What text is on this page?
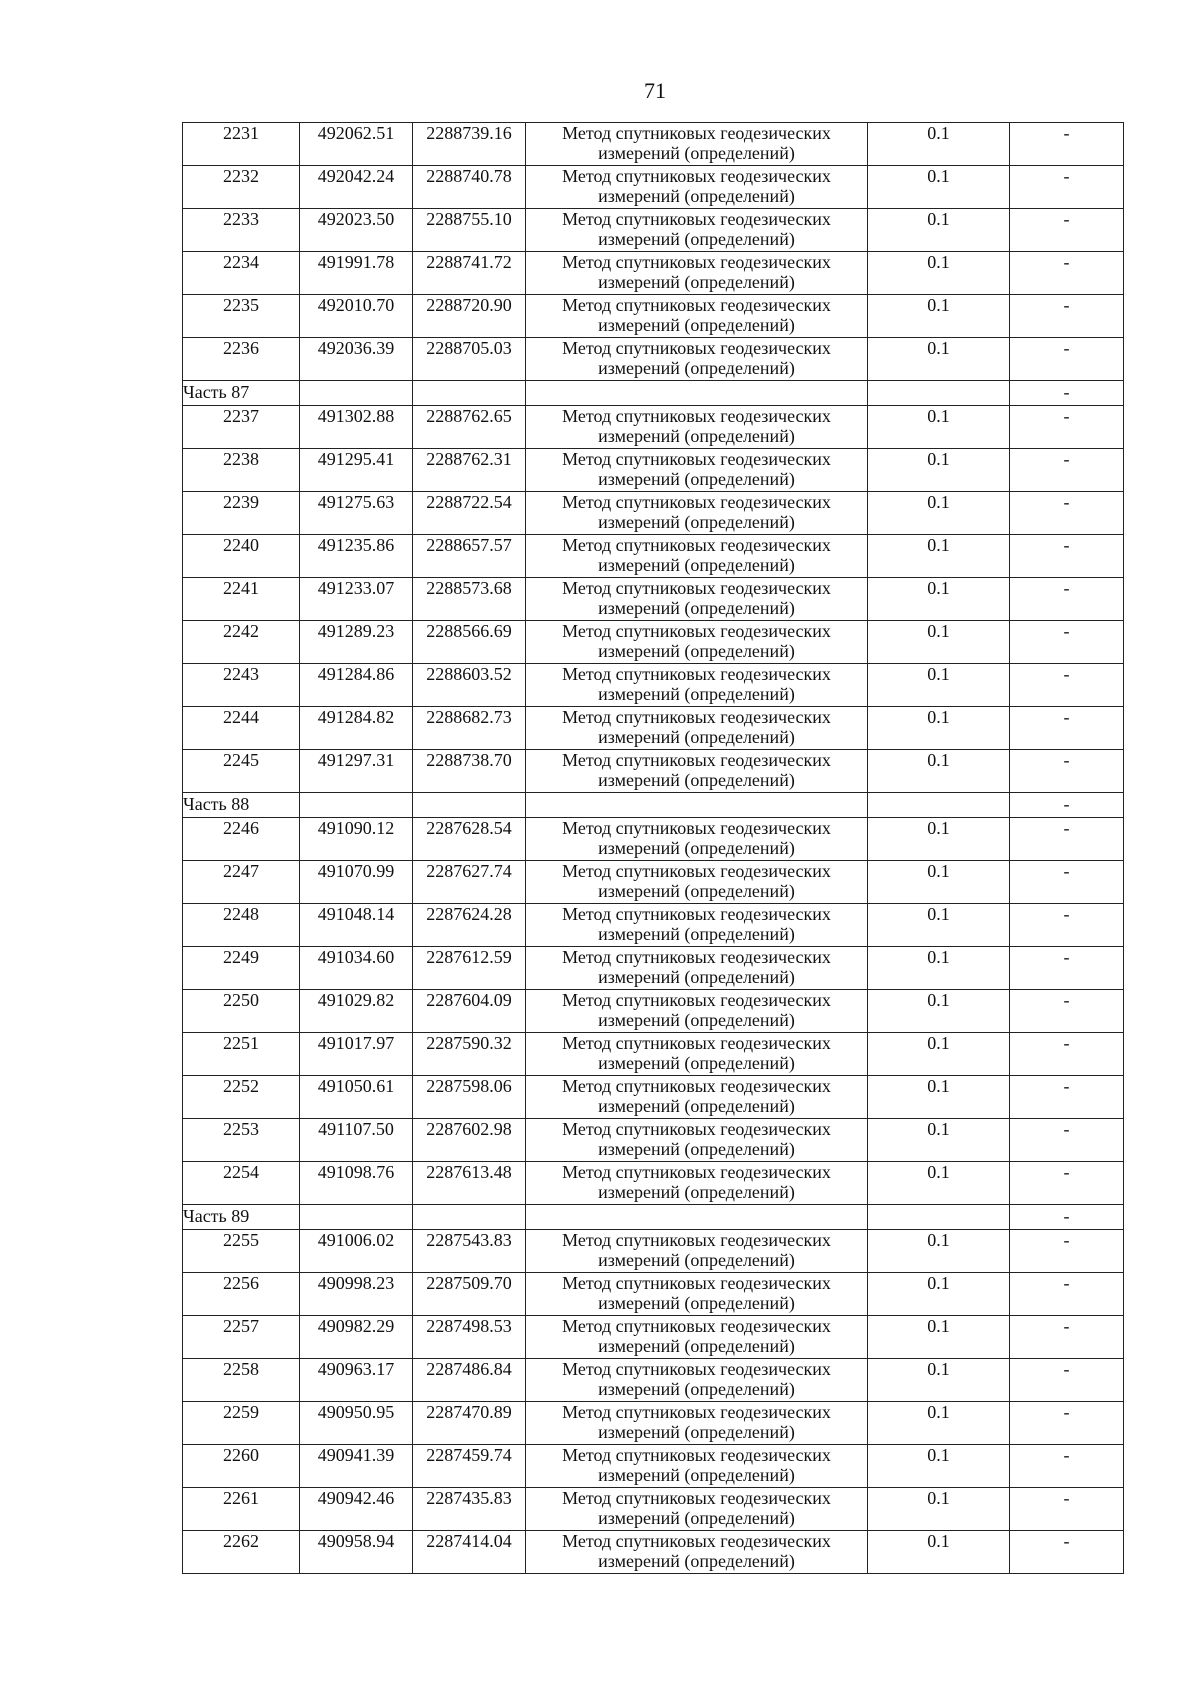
71
2231	492062.51	2288739.16	Метод спутниковых геодезических измерений (определений)	0.1	-
2232	492042.24	2288740.78	Метод спутниковых геодезических измерений (определений)	0.1	-
2233	492023.50	2288755.10	Метод спутниковых геодезических измерений (определений)	0.1	-
2234	491991.78	2288741.72	Метод спутниковых геодезических измерений (определений)	0.1	-
2235	492010.70	2288720.90	Метод спутниковых геодезических измерений (определений)	0.1	-
2236	492036.39	2288705.03	Метод спутниковых геодезических измерений (определений)	0.1	-
Часть 87					-
2237	491302.88	2288762.65	Метод спутниковых геодезических измерений (определений)	0.1	-
2238	491295.41	2288762.31	Метод спутниковых геодезических измерений (определений)	0.1	-
2239	491275.63	2288722.54	Метод спутниковых геодезических измерений (определений)	0.1	-
2240	491235.86	2288657.57	Метод спутниковых геодезических измерений (определений)	0.1	-
2241	491233.07	2288573.68	Метод спутниковых геодезических измерений (определений)	0.1	-
2242	491289.23	2288566.69	Метод спутниковых геодезических измерений (определений)	0.1	-
2243	491284.86	2288603.52	Метод спутниковых геодезических измерений (определений)	0.1	-
2244	491284.82	2288682.73	Метод спутниковых геодезических измерений (определений)	0.1	-
2245	491297.31	2288738.70	Метод спутниковых геодезических измерений (определений)	0.1	-
Часть 88					-
2246	491090.12	2287628.54	Метод спутниковых геодезических измерений (определений)	0.1	-
2247	491070.99	2287627.74	Метод спутниковых геодезических измерений (определений)	0.1	-
2248	491048.14	2287624.28	Метод спутниковых геодезических измерений (определений)	0.1	-
2249	491034.60	2287612.59	Метод спутниковых геодезических измерений (определений)	0.1	-
2250	491029.82	2287604.09	Метод спутниковых геодезических измерений (определений)	0.1	-
2251	491017.97	2287590.32	Метод спутниковых геодезических измерений (определений)	0.1	-
2252	491050.61	2287598.06	Метод спутниковых геодезических измерений (определений)	0.1	-
2253	491107.50	2287602.98	Метод спутниковых геодезических измерений (определений)	0.1	-
2254	491098.76	2287613.48	Метод спутниковых геодезических измерений (определений)	0.1	-
Часть 89					-
2255	491006.02	2287543.83	Метод спутниковых геодезических измерений (определений)	0.1	-
2256	490998.23	2287509.70	Метод спутниковых геодезических измерений (определений)	0.1	-
2257	490982.29	2287498.53	Метод спутниковых геодезических измерений (определений)	0.1	-
2258	490963.17	2287486.84	Метод спутниковых геодезических измерений (определений)	0.1	-
2259	490950.95	2287470.89	Метод спутниковых геодезических измерений (определений)	0.1	-
2260	490941.39	2287459.74	Метод спутниковых геодезических измерений (определений)	0.1	-
2261	490942.46	2287435.83	Метод спутниковых геодезических измерений (определений)	0.1	-
2262	490958.94	2287414.04	Метод спутниковых геодезических измерений (определений)	0.1	-
